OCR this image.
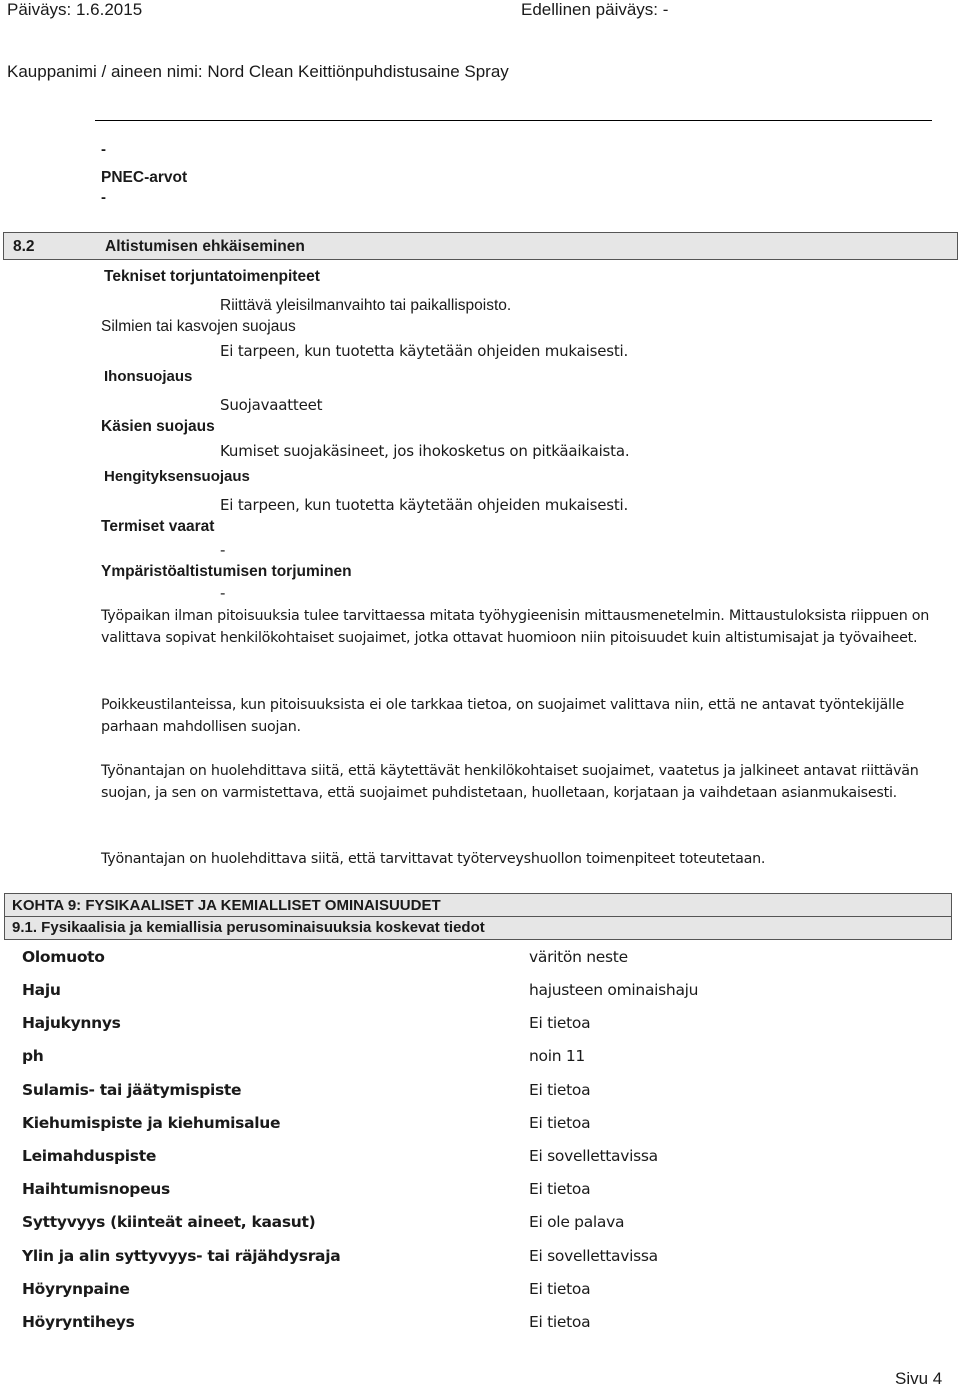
Päiväys: 1.6.2015	Edellinen päiväys: -
Kauppanimi / aineen nimi: Nord Clean Keittiönpuhdistusaine Spray
-
PNEC-arvot
-
8.2	Altistumisen ehkäiseminen
Tekniset torjuntatoimenpiteet
Riittävä yleisilmanvaihto tai paikallispoisto.
Silmien tai kasvojen suojaus
Ei tarpeen, kun tuotetta käytetään ohjeiden mukaisesti.
Ihonsuojaus
Suojavaatteet
Käsien suojaus
Kumiset suojakäsineet, jos ihokosketus on pitkäaikaista.
Hengityksensuojaus
Ei tarpeen, kun tuotetta käytetään ohjeiden mukaisesti.
Termiset vaarat
-
Ympäristöaltistumisen torjuminen
-
Työpaikan ilman pitoisuuksia tulee tarvittaessa mitata työhygieenisin mittausmenetelmin. Mittaustuloksista riippuen on valittava sopivat henkilökohtaiset suojaimet, jotka ottavat huomioon niin pitoisuudet kuin altistumisajat ja työvaiheet.
Poikkeustilanteissa, kun pitoisuuksista ei ole tarkkaa tietoa, on suojaimet valittava niin, että ne antavat työntekijälle parhaan mahdollisen suojan.
Työnantajan on huolehdittava siitä, että käytettävät henkilökohtaiset suojaimet, vaatetus ja jalkineet antavat riittävän suojan, ja sen on varmistettava, että suojaimet puhdistetaan, huolletaan, korjataan ja vaihdetaan asianmukaisesti.
Työnantajan on huolehdittava siitä, että tarvittavat työterveyshuollon toimenpiteet toteutetaan.
KOHTA 9: FYSIKAALISET JA KEMIALLISET OMINAISUUDET
9.1. Fysikaalisia ja kemiallisia perusominaisuuksia koskevat tiedot
Olomuoto	väritön neste
Haju	hajusteen ominaishaju
Hajukynnys	Ei tietoa
ph	noin 11
Sulamis- tai jäätymispiste	Ei tietoa
Kiehumispiste ja kiehumisalue	Ei tietoa
Leimahduspiste	Ei sovellettavissa
Haihtumisnopeus	Ei tietoa
Syttyvyys (kiinteät aineet, kaasut)	Ei ole palava
Ylin ja alin syttyvyys- tai räjähdysraja	Ei sovellettavissa
Höyrynpaine	Ei tietoa
Höyryntiheys	Ei tietoa
Sivu 4
